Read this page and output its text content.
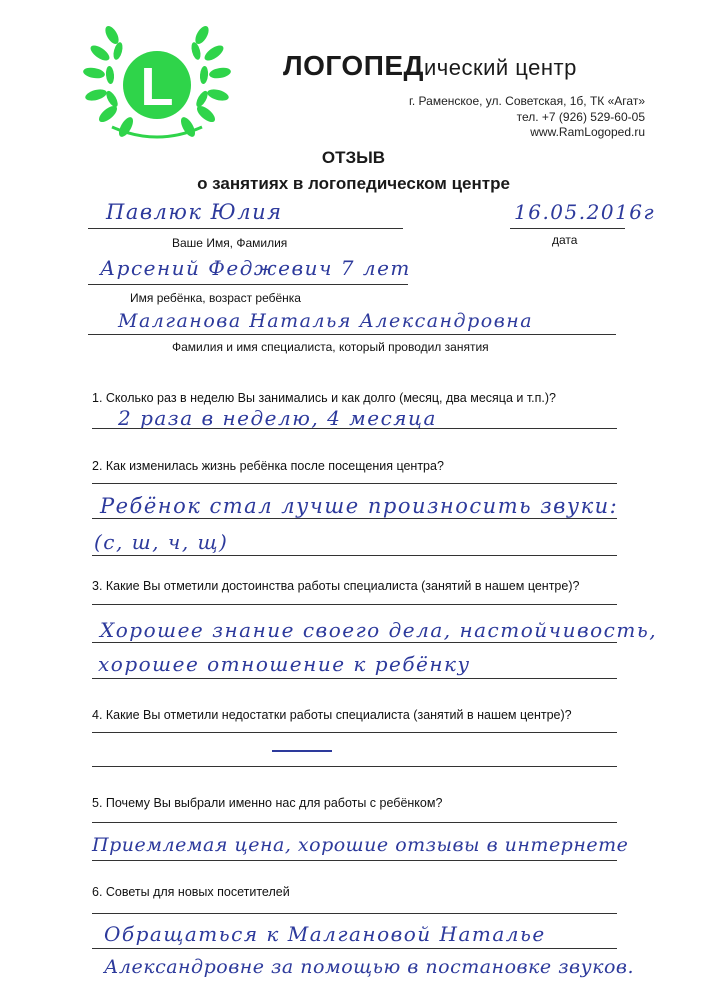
L	ЛОГОПЕДический центр
г. Раменское, ул. Советская, 1б, ТК «Агат»
тел. +7 (926) 529-60-05
www.RamLogoped.ru
ОТЗЫВ
о занятиях в логопедическом центре
Павлюк Юлия
Ваше Имя, Фамилия
16.05.2016г
дата
Арсений Феджевич 7 лет
Имя ребёнка, возраст ребёнка
Малганова Наталья Александровна
Фамилия и имя специалиста, который проводил занятия
1. Сколько раз в неделю Вы занимались и как долго (месяц, два месяца и т.п.)?
2 раза в неделю, 4 месяца
2. Как изменилась жизнь ребёнка после посещения центра?
Ребёнок стал лучше произносить звуки:
(с, ш, ч, щ)
3. Какие Вы отметили достоинства работы специалиста (занятий в нашем центре)?
Хорошее знание своего дела, настойчивость,
хорошее отношение к ребёнку
4. Какие Вы отметили недостатки работы специалиста (занятий в нашем центре)?
5. Почему Вы выбрали именно нас для работы с ребёнком?
Приемлемая цена, хорошие отзывы в интернете
6. Советы для новых посетителей
Обращаться к Малгановой Наталье
Александровне за помощью в постановке звуков.
